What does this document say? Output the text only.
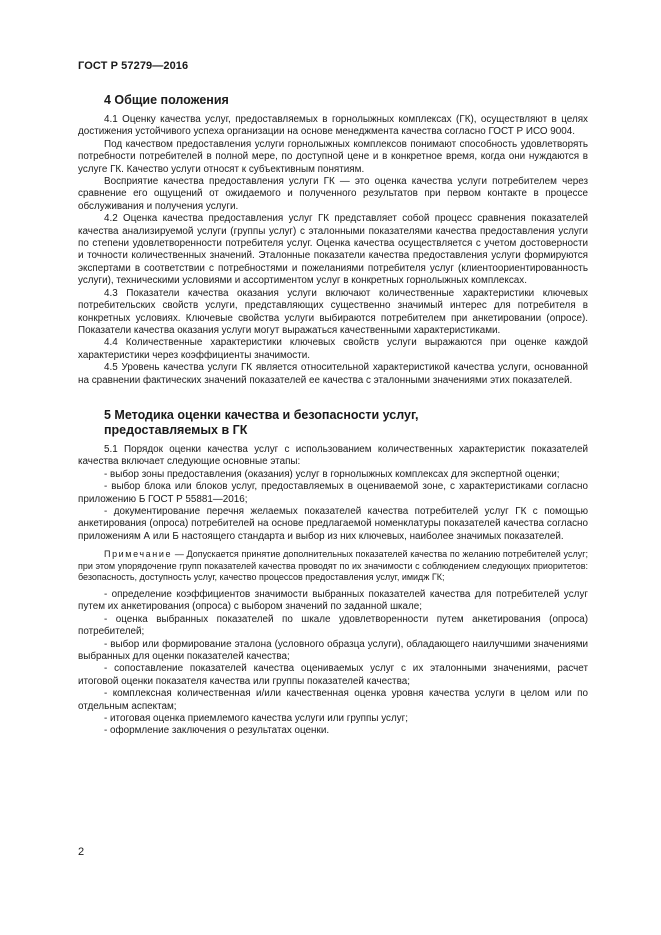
ГОСТ Р 57279—2016
4 Общие положения

4.1 Оценку качества услуг, предоставляемых в горнолыжных комплексах (ГК), осуществляют в целях достижения устойчивого успеха организации на основе менеджмента качества согласно ГОСТ Р ИСО 9004.

Под качеством предоставления услуги горнолыжных комплексов понимают способность удовлетворять потребности потребителей в полной мере, по доступной цене и в конкретное время, когда они нуждаются в услуге ГК. Качество услуги относят к субъективным понятиям.

Восприятие качества предоставления услуги ГК — это оценка качества услуги потребителем через сравнение его ощущений от ожидаемого и полученного результатов при первом контакте в процессе обслуживания и получения услуги.

4.2 Оценка качества предоставления услуг ГК представляет собой процесс сравнения показателей качества анализируемой услуги (группы услуг) с эталонными показателями качества предоставления услуги по степени удовлетворенности потребителя услуг. Оценка качества осуществляется с учетом достоверности и точности количественных значений. Эталонные показатели качества предоставления услуги формируются экспертами в соответствии с потребностями и пожеланиями потребителя услуг (клиентоориентированность услуги), техническими условиями и ассортиментом услуг в конкретных горнолыжных комплексах.

4.3 Показатели качества оказания услуги включают количественные характеристики ключевых потребительских свойств услуги, представляющих существенно значимый интерес для потребителя в конкретных условиях. Ключевые свойства услуги выбираются потребителем при анкетировании (опросе). Показатели качества оказания услуги могут выражаться качественными характеристиками.

4.4 Количественные характеристики ключевых свойств услуги выражаются при оценке каждой характеристики через коэффициенты значимости.

4.5 Уровень качества услуги ГК является относительной характеристикой качества услуги, основанной на сравнении фактических значений показателей ее качества с эталонными значениями этих показателей.

5 Методика оценки качества и безопасности услуг,
предоставляемых в ГК

5.1 Порядок оценки качества услуг с использованием количественных характеристик показателей качества включает следующие основные этапы:

- выбор зоны предоставления (оказания) услуг в горнолыжных комплексах для экспертной оценки;

- выбор блока или блоков услуг, предоставляемых в оцениваемой зоне, с характеристиками согласно приложению Б ГОСТ Р 55881—2016;

- документирование перечня желаемых показателей качества потребителей услуг ГК с помощью анкетирования (опроса) потребителей на основе предлагаемой номенклатуры показателей качества согласно приложениям А или Б настоящего стандарта и выбор из них ключевых, наиболее значимых показателей.

Примечание — Допускается принятие дополнительных показателей качества по желанию потребителей услуг; при этом упорядочение групп показателей качества проводят по их значимости с соблюдением следующих приоритетов: безопасность, доступность услуг, качество процессов предоставления услуг, имидж ГК;

- определение коэффициентов значимости выбранных показателей качества для потребителей услуг путем их анкетирования (опроса) с выбором значений по заданной шкале;

- оценка выбранных показателей по шкале удовлетворенности путем анкетирования (опроса) потребителей;

- выбор или формирование эталона (условного образца услуги), обладающего наилучшими значениями выбранных для оценки показателей качества;

- сопоставление показателей качества оцениваемых услуг с их эталонными значениями, расчет итоговой оценки показателя качества или группы показателей качества;

- комплексная количественная и/или качественная оценка уровня качества услуги в целом или по отдельным аспектам;

- итоговая оценка приемлемого качества услуги или группы услуг;

- оформление заключения о результатах оценки.

2
